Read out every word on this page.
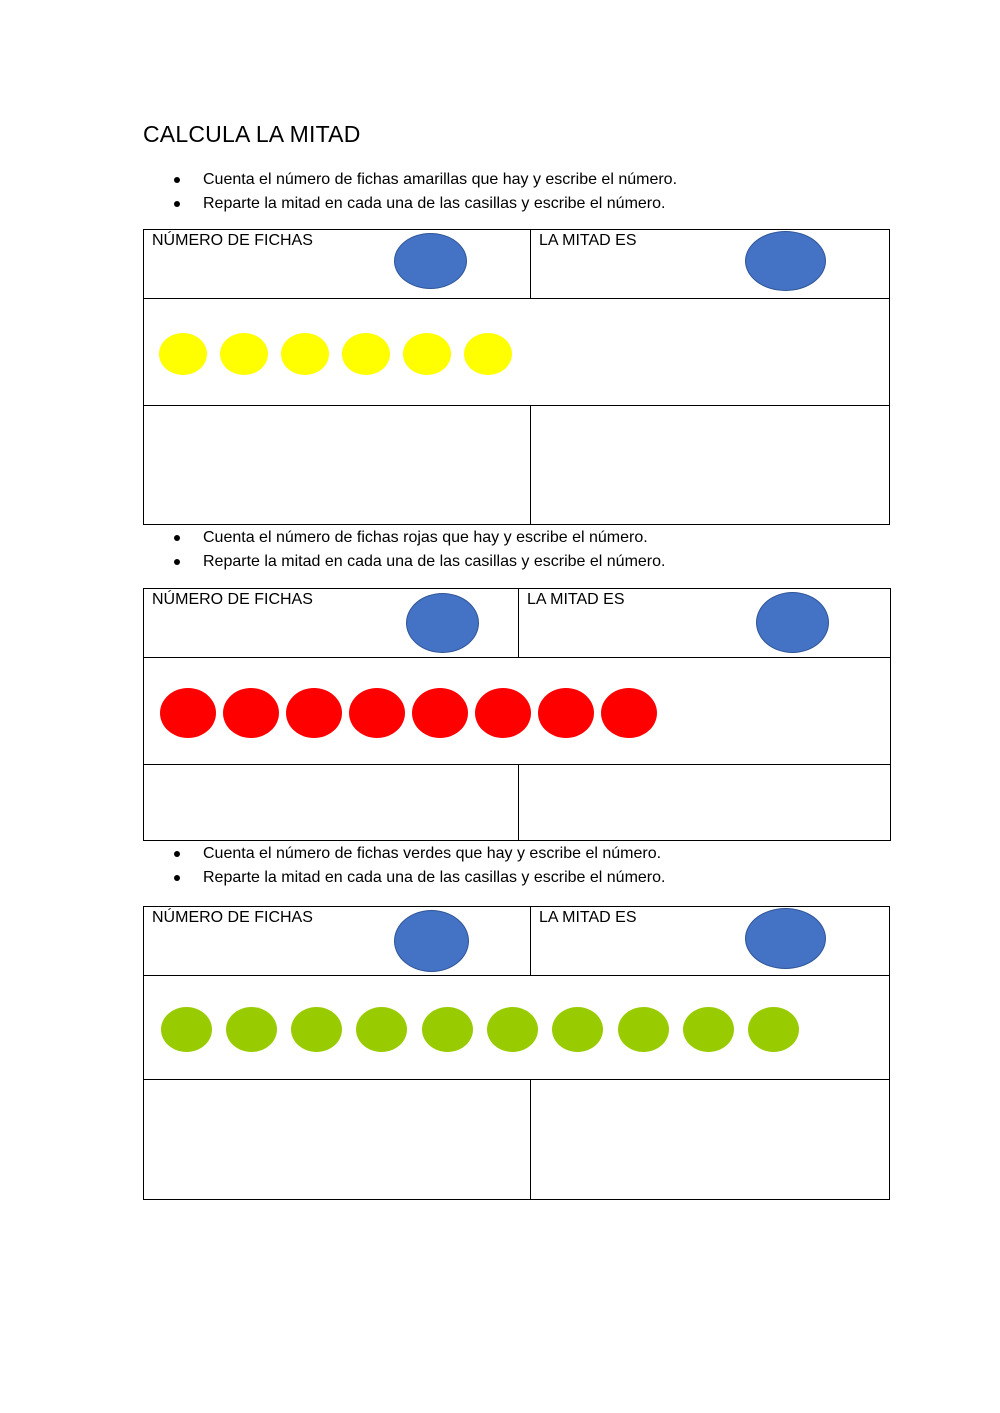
CALCULA LA MITAD
Cuenta el número de fichas amarillas que hay y escribe el número.
Reparte la mitad en cada una de las casillas y escribe el número.
NÚMERO DE FICHAS	LA MITAD ES
Cuenta el número de fichas rojas que hay y escribe el número.
Reparte la mitad en cada una de las casillas y escribe el número.
NÚMERO DE FICHAS	LA MITAD ES
Cuenta el número de fichas verdes que hay y escribe el número.
Reparte la mitad en cada una de las casillas y escribe el número.
NÚMERO DE FICHAS	LA MITAD ES
